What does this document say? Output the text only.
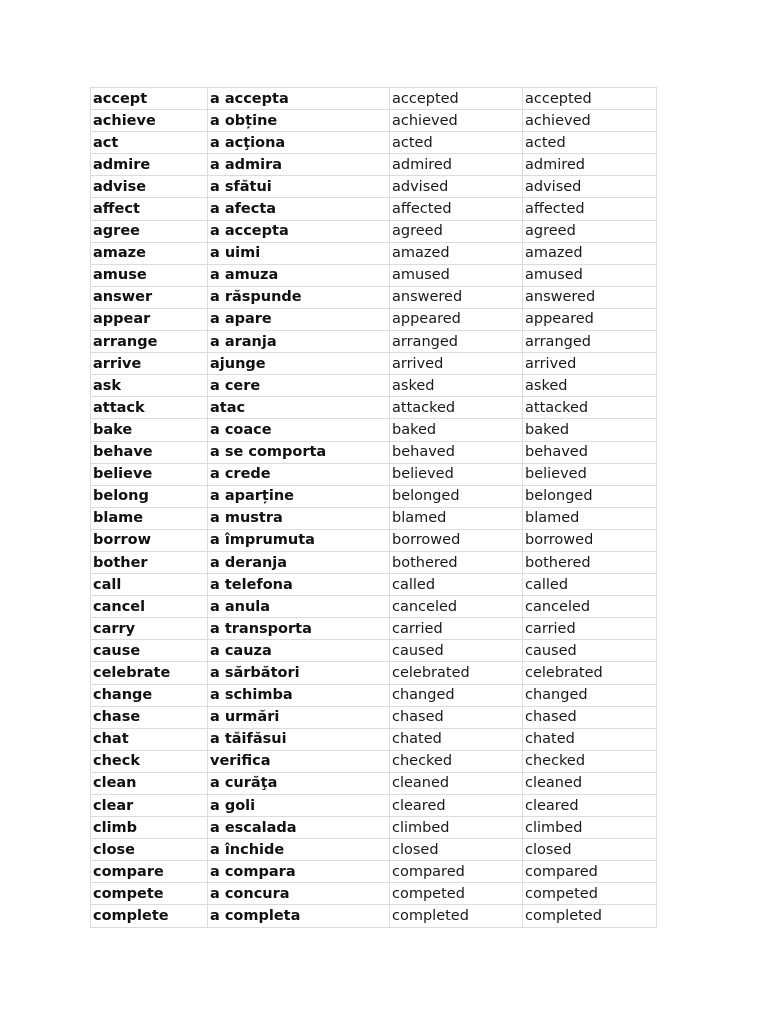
accept	a accepta	accepted	accepted
achieve	a obține	achieved	achieved
act	a acţiona	acted	acted
admire	a admira	admired	admired
advise	a sfătui	advised	advised
affect	a afecta	affected	affected
agree	a accepta	agreed	agreed
amaze	a uimi	amazed	amazed
amuse	a amuza	amused	amused
answer	a răspunde	answered	answered
appear	a apare	appeared	appeared
arrange	a aranja	arranged	arranged
arrive	ajunge	arrived	arrived
ask	a cere	asked	asked
attack	atac	attacked	attacked
bake	a coace	baked	baked
behave	a se comporta	behaved	behaved
believe	a crede	believed	believed
belong	a aparține	belonged	belonged
blame	a mustra	blamed	blamed
borrow	a împrumuta	borrowed	borrowed
bother	a deranja	bothered	bothered
call	a telefona	called	called
cancel	a anula	canceled	canceled
carry	a transporta	carried	carried
cause	a cauza	caused	caused
celebrate	a sărbători	celebrated	celebrated
change	a schimba	changed	changed
chase	a urmări	chased	chased
chat	a tăifăsui	chated	chated
check	verifica	checked	checked
clean	a curăţa	cleaned	cleaned
clear	a goli	cleared	cleared
climb	a escalada	climbed	climbed
close	a închide	closed	closed
compare	a compara	compared	compared
compete	a concura	competed	competed
complete	a completa	completed	completed
